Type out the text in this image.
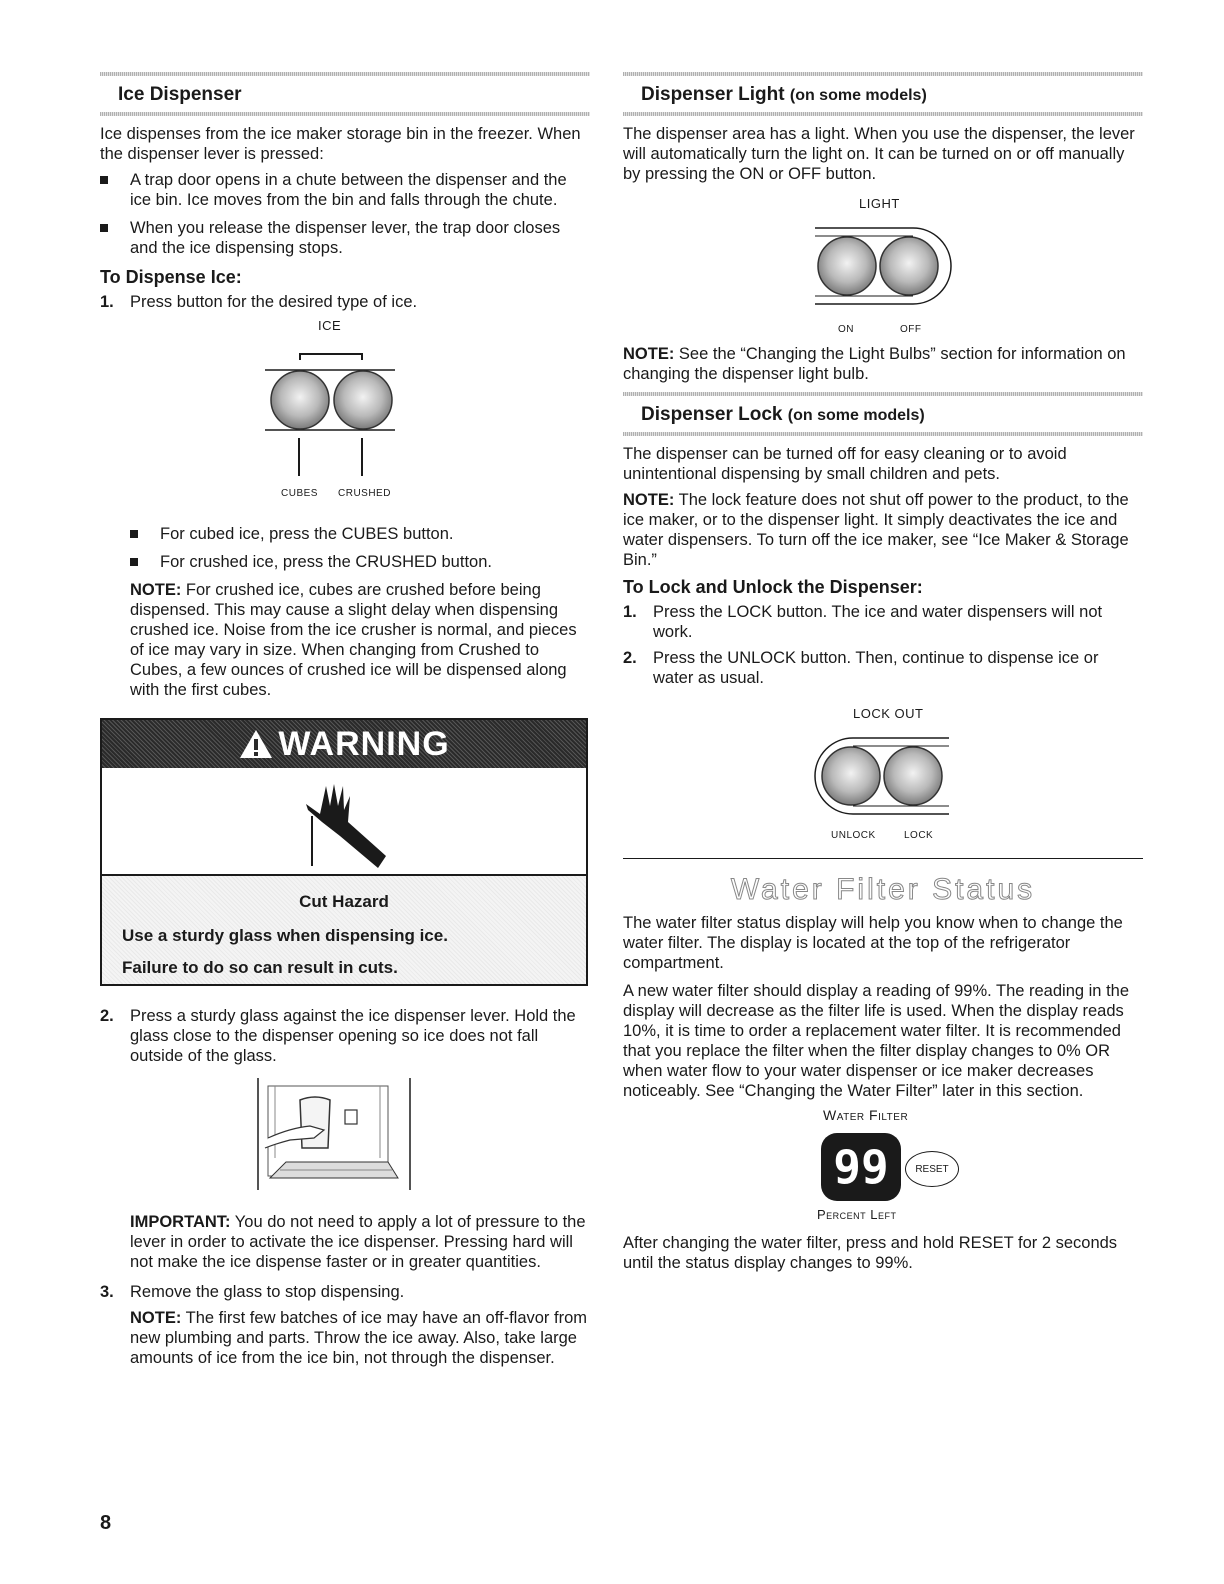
Ice Dispenser

Ice dispenses from the ice maker storage bin in the freezer. When the dispenser lever is pressed:

A trap door opens in a chute between the dispenser and the ice bin. Ice moves from the bin and falls through the chute.
When you release the dispenser lever, the trap door closes and the ice dispensing stops.
To Dispense Ice:
1. Press button for the desired type of ice.
ICE
CUBES CRUSHED
For cubed ice, press the CUBES button.
For crushed ice, press the CRUSHED button.

NOTE: For crushed ice, cubes are crushed before being dispensed. This may cause a slight delay when dispensing crushed ice. Noise from the ice crusher is normal, and pieces of ice may vary in size. When changing from Crushed to Cubes, a few ounces of crushed ice will be dispensed along with the first cubes.

WARNING
Cut Hazard
Use a sturdy glass when dispensing ice.
Failure to do so can result in cuts.
2. Press a sturdy glass against the ice dispenser lever. Hold the glass close to the dispenser opening so ice does not fall outside of the glass.

IMPORTANT: You do not need to apply a lot of pressure to the lever in order to activate the ice dispenser. Pressing hard will not make the ice dispense faster or in greater quantities.

3. Remove the glass to stop dispensing.

NOTE: The first few batches of ice may have an off-flavor from new plumbing and parts. Throw the ice away. Also, take large amounts of ice from the ice bin, not through the dispenser.

Dispenser Light (on some models)

The dispenser area has a light. When you use the dispenser, the lever will automatically turn the light on. It can be turned on or off manually by pressing the ON or OFF button.

LIGHT
ON	OFF

NOTE: See the “Changing the Light Bulbs” section for information on changing the dispenser light bulb.

Dispenser Lock (on some models)

The dispenser can be turned off for easy cleaning or to avoid unintentional dispensing by small children and pets.

NOTE: The lock feature does not shut off power to the product, to the ice maker, or to the dispenser light. It simply deactivates the ice and water dispensers. To turn off the ice maker, see “Ice Maker & Storage Bin.”

To Lock and Unlock the Dispenser:
1. Press the LOCK button. The ice and water dispensers will not work.
2. Press the UNLOCK button. Then, continue to dispense ice or water as usual.
LOCK OUT
UNLOCK	LOCK
Water Filter Status

The water filter status display will help you know when to change the water filter. The display is located at the top of the refrigerator compartment.

A new water filter should display a reading of 99%. The reading in the display will decrease as the filter life is used. When the display reads 10%, it is time to order a replacement water filter. It is recommended that you replace the filter when the filter display changes to 0% OR when water flow to your water dispenser or ice maker decreases noticeably. See “Changing the Water Filter” later in this section.

Water Filter
99	RESET
Percent Left

After changing the water filter, press and hold RESET for 2 seconds until the status display changes to 99%.

8
